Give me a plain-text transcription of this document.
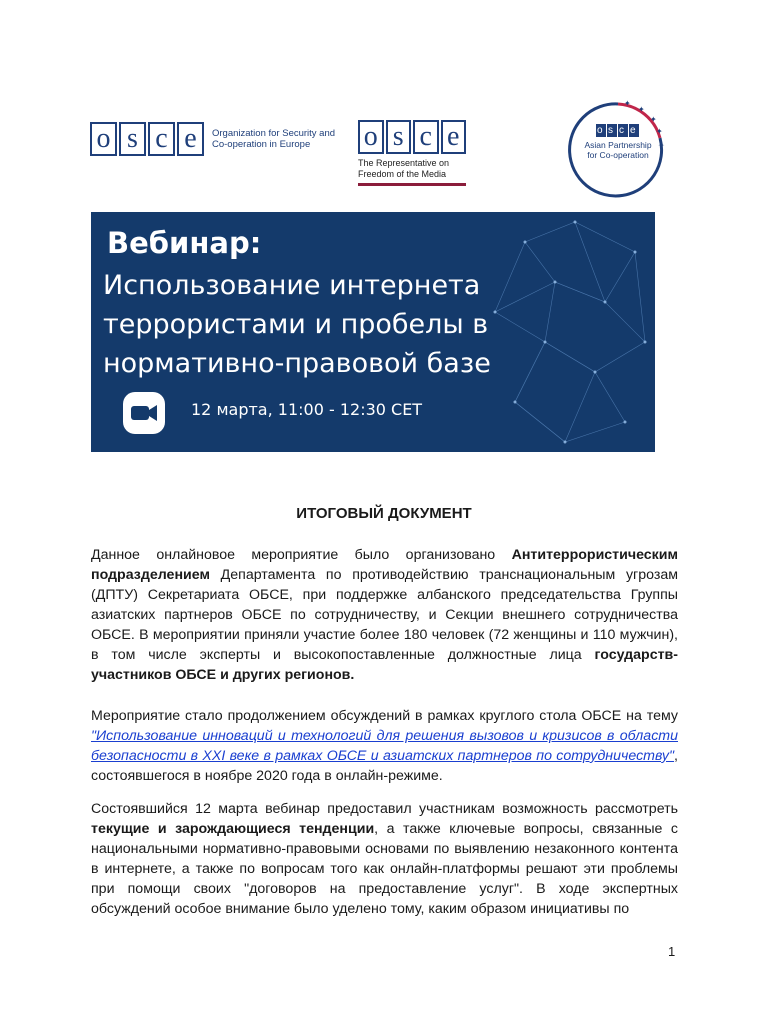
o s c e	Organization for Security and Co-operation in Europe	o s c e
The Representative on Freedom of the Media
✦
✦
✦
✦
✦
o s c e
Asian Partnership for Co-operation
Вебинар:
Использование интернета террористами и пробелы в нормативно-правовой базе
12 марта, 11:00 - 12:30 CET
ИТОГОВЫЙ ДОКУМЕНТ
Данное онлайновое мероприятие было организовано Антитеррористическим подразделением Департамента по противодействию транснациональным угрозам (ДПТУ) Секретариата ОБСЕ, при поддержке албанского председательства Группы азиатских партнеров ОБСЕ по сотрудничеству, и Секции внешнего сотрудничества ОБСЕ. В мероприятии приняли участие более 180 человек (72 женщины и 110 мужчин), в том числе эксперты и высокопоставленные должностные лица государств-участников ОБСЕ и других регионов.
Мероприятие стало продолжением обсуждений в рамках круглого стола ОБСЕ на тему "Использование инноваций и технологий для решения вызовов и кризисов в области безопасности в XXI веке в рамках ОБСЕ и азиатских партнеров по сотрудничеству", состоявшегося в ноябре 2020 года в онлайн-режиме.
Состоявшийся 12 марта вебинар предоставил участникам возможность рассмотреть текущие и зарождающиеся тенденции, а также ключевые вопросы, связанные с национальными нормативно-правовыми основами по выявлению незаконного контента в интернете, а также по вопросам того как онлайн-платформы решают эти проблемы при помощи своих "договоров на предоставление услуг". В ходе экспертных обсуждений особое внимание было уделено тому, каким образом инициативы по
1
